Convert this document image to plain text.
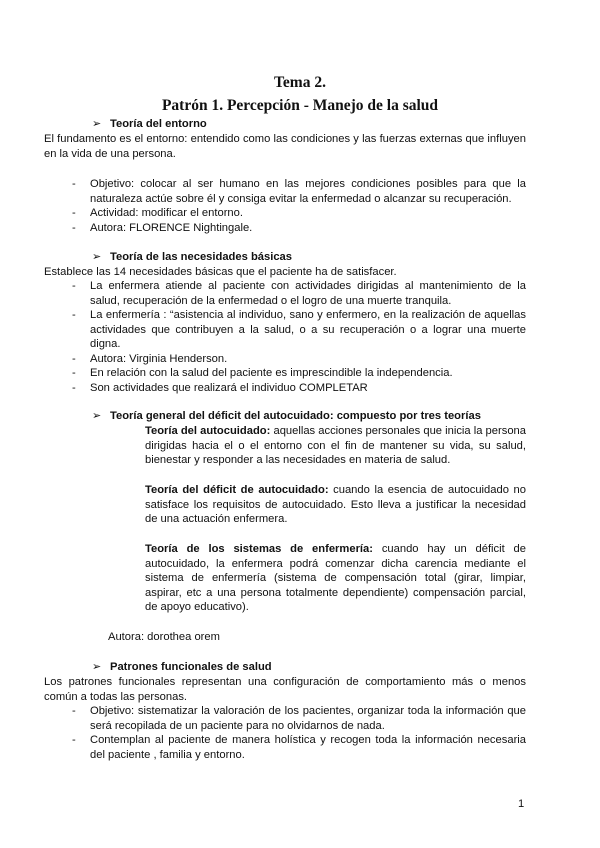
Tema 2.
Patrón 1. Percepción - Manejo de la salud
➢ Teoría del entorno
El fundamento es el entorno: entendido como las condiciones y las fuerzas externas que influyen en la vida de una persona.
- Objetivo: colocar al ser humano en las mejores condiciones posibles para que la naturaleza actúe sobre él y consiga evitar la enfermedad o alcanzar su recuperación.
- Actividad: modificar el entorno.
- Autora: FLORENCE Nightingale.
➢ Teoría de las necesidades básicas
Establece las 14 necesidades básicas que el paciente ha de satisfacer.
- La enfermera atiende al paciente con actividades dirigidas al mantenimiento de la salud, recuperación de la enfermedad o el logro de una muerte tranquila.
- La enfermería : “asistencia al individuo, sano y enfermero, en la realización de aquellas actividades que contribuyen a la salud, o a su recuperación o a lograr una muerte digna.
- Autora: Virginia Henderson.
- En relación con la salud del paciente es imprescindible la independencia.
- Son actividades que realizará el individuo COMPLETAR
➢ Teoría general del déficit del autocuidado: compuesto por tres teorías
Teoría del autocuidado: aquellas acciones personales que inicia la persona dirigidas hacia el o el entorno con el fin de mantener su vida, su salud, bienestar y responder a las necesidades en materia de salud.
Teoría del déficit de autocuidado: cuando la esencia de autocuidado no satisface los requisitos de autocuidado. Esto lleva a justificar la necesidad de una actuación enfermera.
Teoría de los sistemas de enfermería: cuando hay un déficit de autocuidado, la enfermera podrá comenzar dicha carencia mediante el sistema de enfermería (sistema de compensación total (girar, limpiar, aspirar, etc a una persona totalmente dependiente) compensación parcial, de apoyo educativo).
Autora: dorothea orem
➢ Patrones funcionales de salud
Los patrones funcionales representan una configuración de comportamiento más o menos común a todas las personas.
- Objetivo: sistematizar la valoración de los pacientes, organizar toda la información que será recopilada de un paciente para no olvidarnos de nada.
- Contemplan al paciente de manera holística y recogen toda la información necesaria del paciente , familia y entorno.
1
